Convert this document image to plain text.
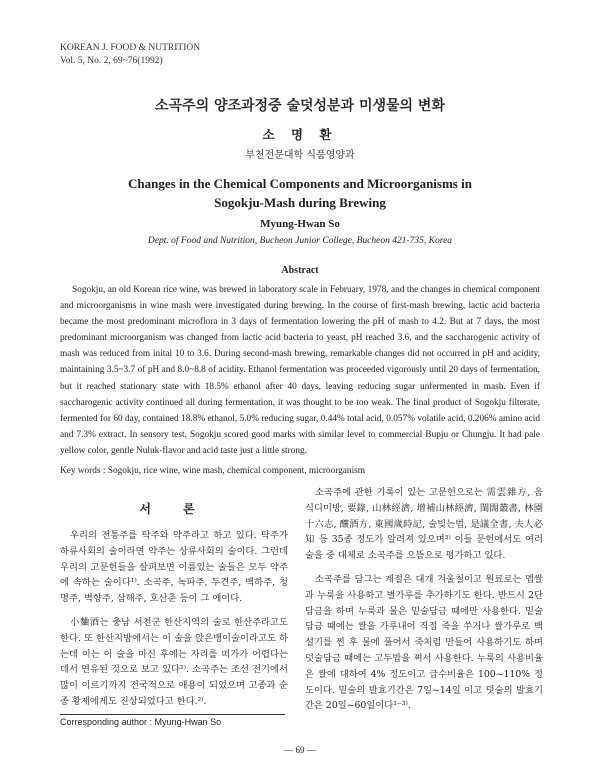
KOREAN J. FOOD & NUTRITION
Vol. 5, No. 2, 69~76(1992)
소곡주의 양조과정중 술덧성분과 미생물의 변화
소 명 환
부천전문대학 식품영양과
Changes in the Chemical Components and Microorganisms in
Sogokju-Mash during Brewing
Myung-Hwan So
Dept. of Food and Nutrition, Bucheon Junior College, Bucheon 421-735, Korea
Abstract
Sogokju, an old Korean rice wine, was brewed in laboratory scale in February, 1978, and the changes in chemical component and microorganisms in wine mash were investigated during brewing. In the course of first-mash brewing, lactic acid bacteria became the most predominant microflora in 3 days of fermentation lowering the pH of mash to 4.2. But at 7 days, the most predominant microorganism was changed from lactic acid bacteria to yeast, pH reached 3.6, and the saccharogenic activity of mash was reduced from inital 10 to 3.6. During second-mash brewing, remarkable changes did not occurred in pH and acidity, maintaining 3.5~3.7 of pH and 8.0~8.8 of acidity. Ethanol fermentation was proceeded vigorously until 20 days of fermentation, but it reached stationary state with 18.5% ethanol after 40 days, leaving reducing sugar unfermented in mash. Even if saccharogenic activity continued all during fermentation, it was thought to be too weak. The final product of Sogokju filterate, fermented for 60 day, contained 18.8% ethanol, 5.0% reducing sugar, 0.44% total acid, 0.057% volatile acid, 0.206% amino acid and 7.3% extract. In sensory test, Sogokju scored good marks with similar level to commercial Bupju or Chungju. It had pale yellow color, gentle Nuluk-flavor and acid taste just a little strong.
Key words : Sogokju, rice wine, wine mash, chemical component, microorganism
서 론

우리의 전통주를 탁주와 약주라고 하고 있다. 탁주가 하류사회의 술이라면 약주는 상류사회의 술이다. 그런데 우리의 고문헌들을 살펴보면 이름있는 술들은 모두 약주에 속하는 술이다¹⁾. 소곡주, 녹파주, 두견주, 백하주, 청명주, 벽향주, 삼해주, 호산춘 등이 그 예이다.

小麯酒는 충남 서천군 한산지역의 술로 한산주라고도 한다. 또 한산지방에서는 이 술을 앉은뱅이술이라고도 하는데 이는 이 술을 마신 후에는 자리를 떠가가 어렵다는데서 연유된 것으로 보고 있다²⁾. 소곡주는 조선 전기에서 많이 이르기까지 전국적으로 애용이 되었으며 고종과 순종 황제에게도 진상되었다고 한다.²⁾.

소곡주에 관한 기록이 있는 고문헌으로는 需雲雜方, 음식디미방, 要錄, 山林經濟, 增補山林經濟, 閨閤叢書, 林園十六志, 釀酒方, 東國歲時記, 술빚는법, 是議全書, 夫人必知 등 35종 정도가 알려져 있으며³⁾ 이들 문헌에서도 여러 술을 중 대체로 소곡주를 으뜸으로 평가하고 있다.

소곡주를 담그는 계절은 대개 겨울철이고 원료로는 멥쌀과 누룩을 사용하고 별가루를 추가하기도 한다. 반드시 2단 담금을 하며 누룩과 물은 밑술담금 때에만 사용한다. 밑술담금 때에는 쌀을 가루내어 직접 죽을 쑤거나 쌀가루로 백설기를 찐 후 물에 풀어서 죽처럼 만들어 사용하기도 하며 덧술담금 때에는 고두밥을 쪄서 사용한다. 누룩의 사용비율은 쌀에 대하여 4% 정도이고 급수비율은 100~110% 정도이다. 밑술의 발효기간은 7일~14일 이고 덧술의 발효기간은 20일~60일이다¹⁻³⁾.

Corresponding author : Myung-Hwan So
— 69 —
